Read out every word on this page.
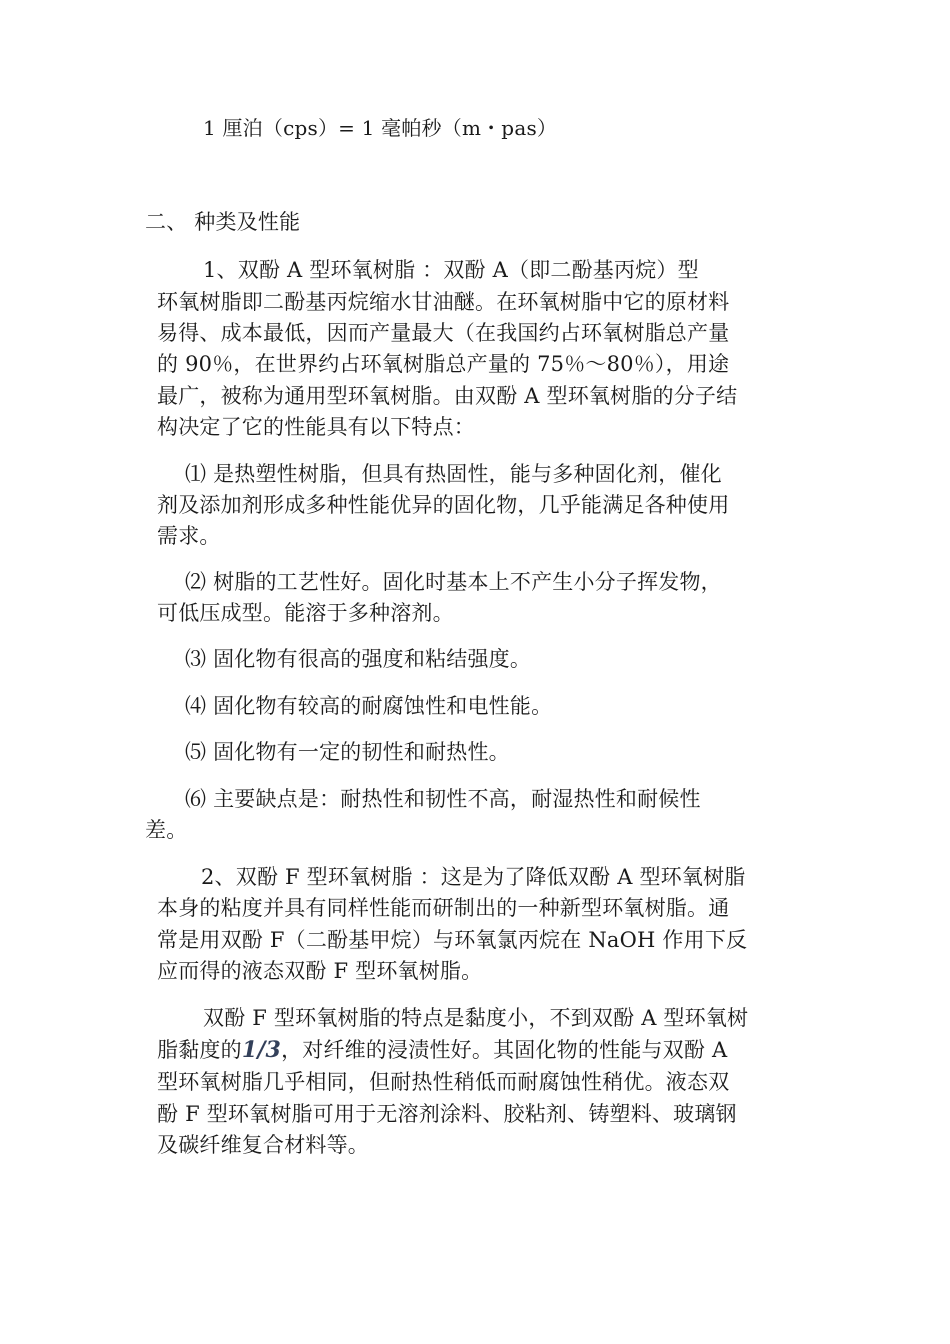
1 厘泊（cps）= 1 毫帕秒（m・pas）
二、 种类及性能
1、双酚 A 型环氧树脂 ：双酚 A（即二酚基丙烷）型
环氧树脂即二酚基丙烷缩水甘油醚。在环氧树脂中它的原材料
易得、成本最低，因而产量最大（在我国约占环氧树脂总产量
的 90％，在世界约占环氧树脂总产量的 75％～80％），用途
最广，被称为通用型环氧树脂。由双酚 A 型环氧树脂的分子结
构决定了它的性能具有以下特点：
⑴ 是热塑性树脂，但具有热固性，能与多种固化剂，催化
剂及添加剂形成多种性能优异的固化物，几乎能满足各种使用
需求。
⑵ 树脂的工艺性好。固化时基本上不产生小分子挥发物，
可低压成型。能溶于多种溶剂。
⑶ 固化物有很高的强度和粘结强度。
⑷ 固化物有较高的耐腐蚀性和电性能。
⑸ 固化物有一定的韧性和耐热性。
⑹ 主要缺点是：耐热性和韧性不高，耐湿热性和耐候性
差。
2、双酚 F 型环氧树脂 ：这是为了降低双酚 A 型环氧树脂
本身的粘度并具有同样性能而研制出的一种新型环氧树脂。通
常是用双酚 F（二酚基甲烷）与环氧氯丙烷在 NaOH 作用下反
应而得的液态双酚 F 型环氧树脂。
双酚 F 型环氧树脂的特点是黏度小，不到双酚 A 型环氧树
脂黏度的1/3，对纤维的浸渍性好。其固化物的性能与双酚 A
型环氧树脂几乎相同，但耐热性稍低而耐腐蚀性稍优。液态双
酚 F 型环氧树脂可用于无溶剂涂料、胶粘剂、铸塑料、玻璃钢
及碳纤维复合材料等。
